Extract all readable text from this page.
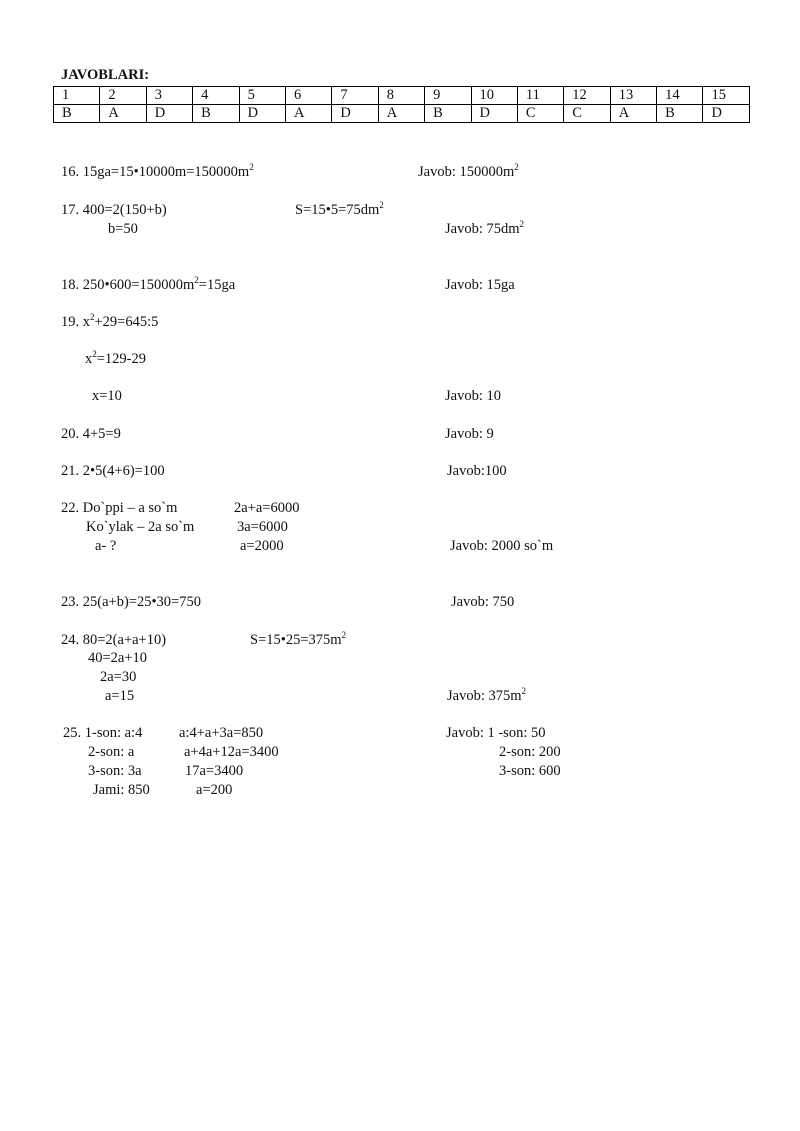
JAVOBLARI:
1	2	3	4	5	6	7	8	9	10	11	12	13	14	15
B	A	D	B	D	A	D	A	B	D	C	C	A	B	D
16. $15ga=15•10000m=150000m^2$	Javob: $150000m^2$
17. 400=2(150+b)	$S=15•5=75dm^2$
b=50	Javob: $75dm^2$
18. $250•600=150000m^2=15ga$	Javob: 15ga
19. $x^2+29=645:5$
$x^2=129-29$
x=10	Javob: 10
20. 4+5=9	Javob: 9
21. 2•5(4+6)=100	Javob:100
22. Do`ppi – a so`m	2a+a=6000
Ko`ylak – 2a so`m	3a=6000
a- ?	a=2000	Javob: 2000 so`m
23. 25(a+b)=25•30=750	Javob: 750
24. 80=2(a+a+10)	$S=15•25=375m^2$
40=2a+10
2a=30
a=15	Javob: $375m^2$
25. 1-son: a:4	a:4+a+3a=850	Javob: 1 -son: 50
2-son: a	a+4a+12a=3400	2-son: 200
3-son: 3a	17a=3400	3-son: 600
Jami: 850	a=200
